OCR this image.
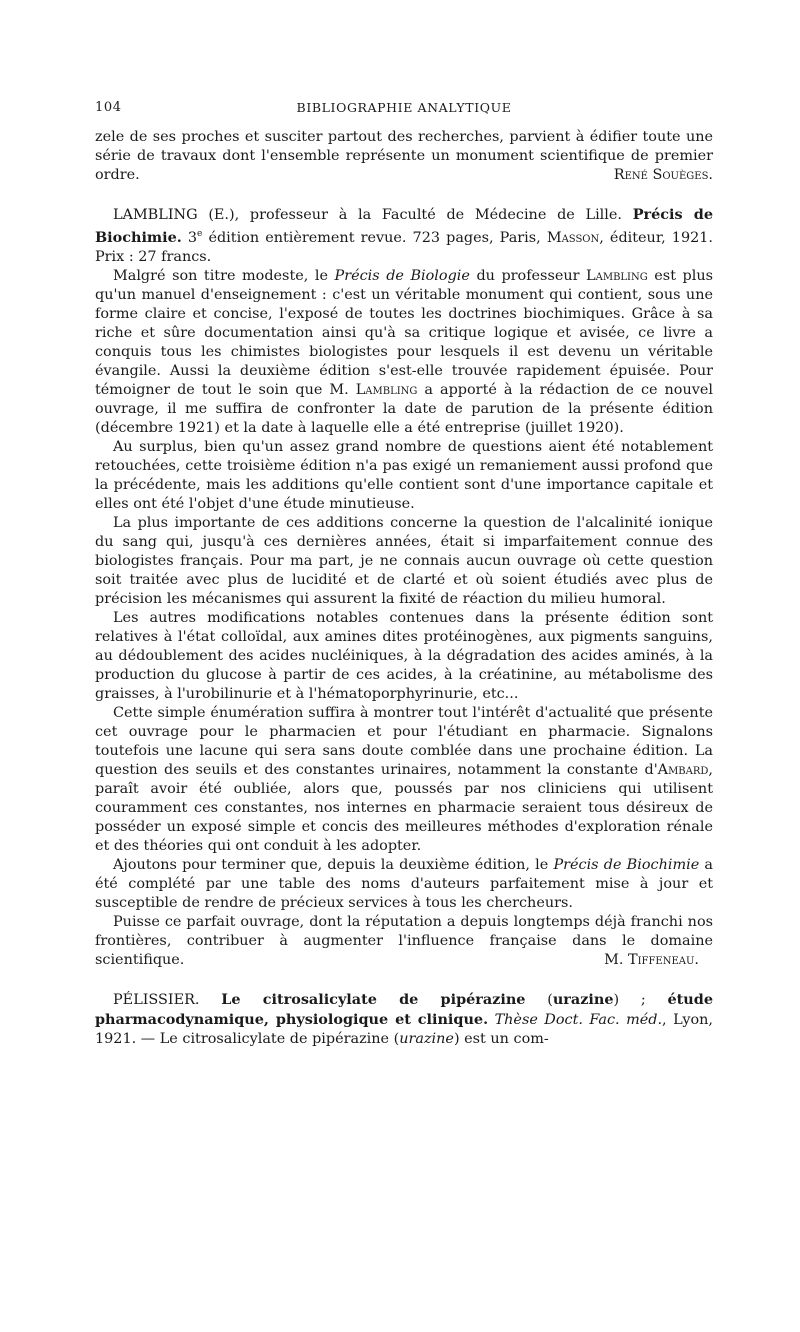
104	BIBLIOGRAPHIE ANALYTIQUE

zele de ses proches et susciter partout des recherches, parvient à édifier toute une série de travaux dont l'ensemble représente un monument scientifique de premier ordre.	René Souèges.

LAMBLING (E.), professeur à la Faculté de Médecine de Lille. Précis de Biochimie. 3e édition entièrement revue. 723 pages, Paris, Masson, éditeur, 1921. Prix : 27 francs.

Malgré son titre modeste, le Précis de Biologie du professeur Lambling est plus qu'un manuel d'enseignement : c'est un véritable monument qui contient, sous une forme claire et concise, l'exposé de toutes les doctrines biochimiques. Grâce à sa riche et sûre documentation ainsi qu'à sa critique logique et avisée, ce livre a conquis tous les chimistes biologistes pour lesquels il est devenu un véritable évangile. Aussi la deuxième édition s'est-elle trouvée rapidement épuisée. Pour témoigner de tout le soin que M. Lambling a apporté à la rédaction de ce nouvel ouvrage, il me suffira de confronter la date de parution de la présente édition (décembre 1921) et la date à laquelle elle a été entreprise (juillet 1920).

Au surplus, bien qu'un assez grand nombre de questions aient été notablement retouchées, cette troisième édition n'a pas exigé un remaniement aussi profond que la précédente, mais les additions qu'elle contient sont d'une importance capitale et elles ont été l'objet d'une étude minutieuse.

La plus importante de ces additions concerne la question de l'alcalinité ionique du sang qui, jusqu'à ces dernières années, était si imparfaitement connue des biologistes français. Pour ma part, je ne connais aucun ouvrage où cette question soit traitée avec plus de lucidité et de clarté et où soient étudiés avec plus de précision les mécanismes qui assurent la fixité de réaction du milieu humoral.

Les autres modifications notables contenues dans la présente édition sont relatives à l'état colloïdal, aux amines dites protéinogènes, aux pigments sanguins, au dédoublement des acides nucléiniques, à la dégradation des acides aminés, à la production du glucose à partir de ces acides, à la créatinine, au métabolisme des graisses, à l'urobilinurie et à l'hématoporphyrinurie, etc...

Cette simple énumération suffira à montrer tout l'intérêt d'actualité que présente cet ouvrage pour le pharmacien et pour l'étudiant en pharmacie. Signalons toutefois une lacune qui sera sans doute comblée dans une prochaine édition. La question des seuils et des constantes urinaires, notamment la constante d'Ambard, paraît avoir été oubliée, alors que, poussés par nos cliniciens qui utilisent couramment ces constantes, nos internes en pharmacie seraient tous désireux de posséder un exposé simple et concis des meilleures méthodes d'exploration rénale et des théories qui ont conduit à les adopter.

Ajoutons pour terminer que, depuis la deuxième édition, le Précis de Biochimie a été complété par une table des noms d'auteurs parfaitement mise à jour et susceptible de rendre de précieux services à tous les chercheurs.

Puisse ce parfait ouvrage, dont la réputation a depuis longtemps déjà franchi nos frontières, contribuer à augmenter l'influence française dans le domaine scientifique.	M. Tiffeneau.

PÉLISSIER. Le citrosalicylate de pipérazine (urazine) ; étude pharmacodynamique, physiologique et clinique. Thèse Doct. Fac. méd., Lyon, 1921. — Le citrosalicylate de pipérazine (urazine) est un com-
